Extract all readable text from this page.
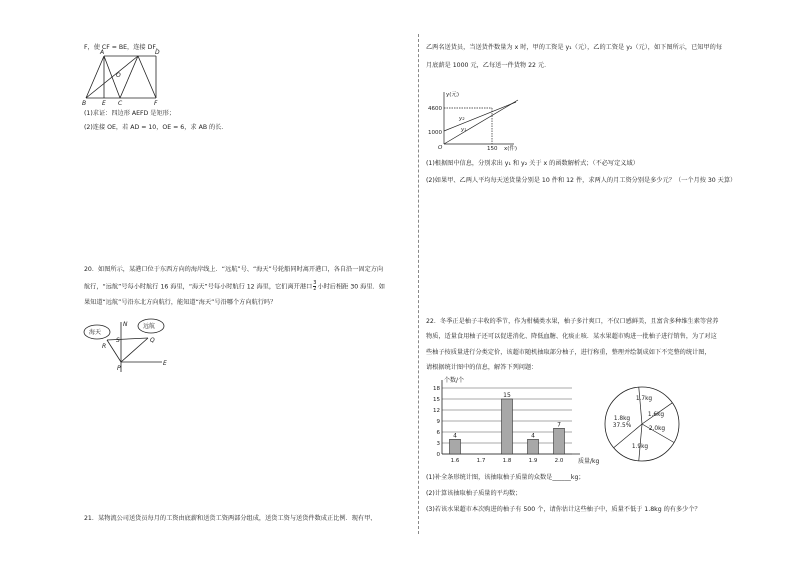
F，使 CF = BE，连接 DF．
A	D
O
B	E C	F
(1)求证：四边形 AEFD 是矩形；
(2)连接 OE，若 AD = 10，OE = 6，求 AB 的长．
20．如图所示，某港口位于东西方向的海岸线上．“远航”号、“海天”号轮船同时离开港口，各自沿一固定方向
航行，“远航”号每小时航行 16 海里，“海天”号每小时航行 12 海里，它们离开港口 $\frac{3}{2}$ 小时后相距 30 海里．如
果知道“远航”号沿东北方向航行，能知道“海天”号沿哪个方向航行吗？
海天
远航
N
S
R
Q
P
E
21．某物流公司送货员每月的工资由底薪和送货工资两部分组成，送货工资与送货件数成正比例．现有甲、
乙两名送货员，当送货件数量为 x 时，甲的工资是 y₁（元），乙的工资是 y₂（元），如下图所示，已知甲的每
月底薪是 1000 元，乙每送一件货物 22 元．
y(元)
4600
1000
O	150 x(件)
y₂
y₁
(1)根据图中信息，分别求出 y₁ 和 y₂ 关于 x 的函数解析式；（不必写定义域）
(2)如果甲、乙两人平均每天送货量分别是 10 件和 12 件，求两人的月工资分别是多少元？（一个月按 30 天算）
22．冬季正是柚子丰收的季节，作为柑橘类水果，柚子多汁爽口，不仅口感鲜美，且富含多种维生素等营养
物质，适量食用柚子还可以促进消化、降低血糖、化痰止咳．某水果超市购进一批柚子进行销售，为了对这
些柚子按质量进行分类定价，该超市随机抽取部分柚子，进行称重，整理并绘制成如下不完整的统计图，
请根据统计图中的信息，解答下列问题：
0
3
6
9
12
15
18
个数/个
质量/kg
1.6
4
1.7	1.8
15
1.9
4
2.0
7
1.7kg
1.6kg
2.0kg
1.9kg
1.8kg 37.5%
(1)补全条形统计图，该抽取柚子质量的众数是______kg；
(2)计算该抽取柚子质量的平均数；
(3)若该水果超市本次购进的柚子有 500 个，请你估计这些柚子中，质量不低于 1.8kg 的有多少个？
